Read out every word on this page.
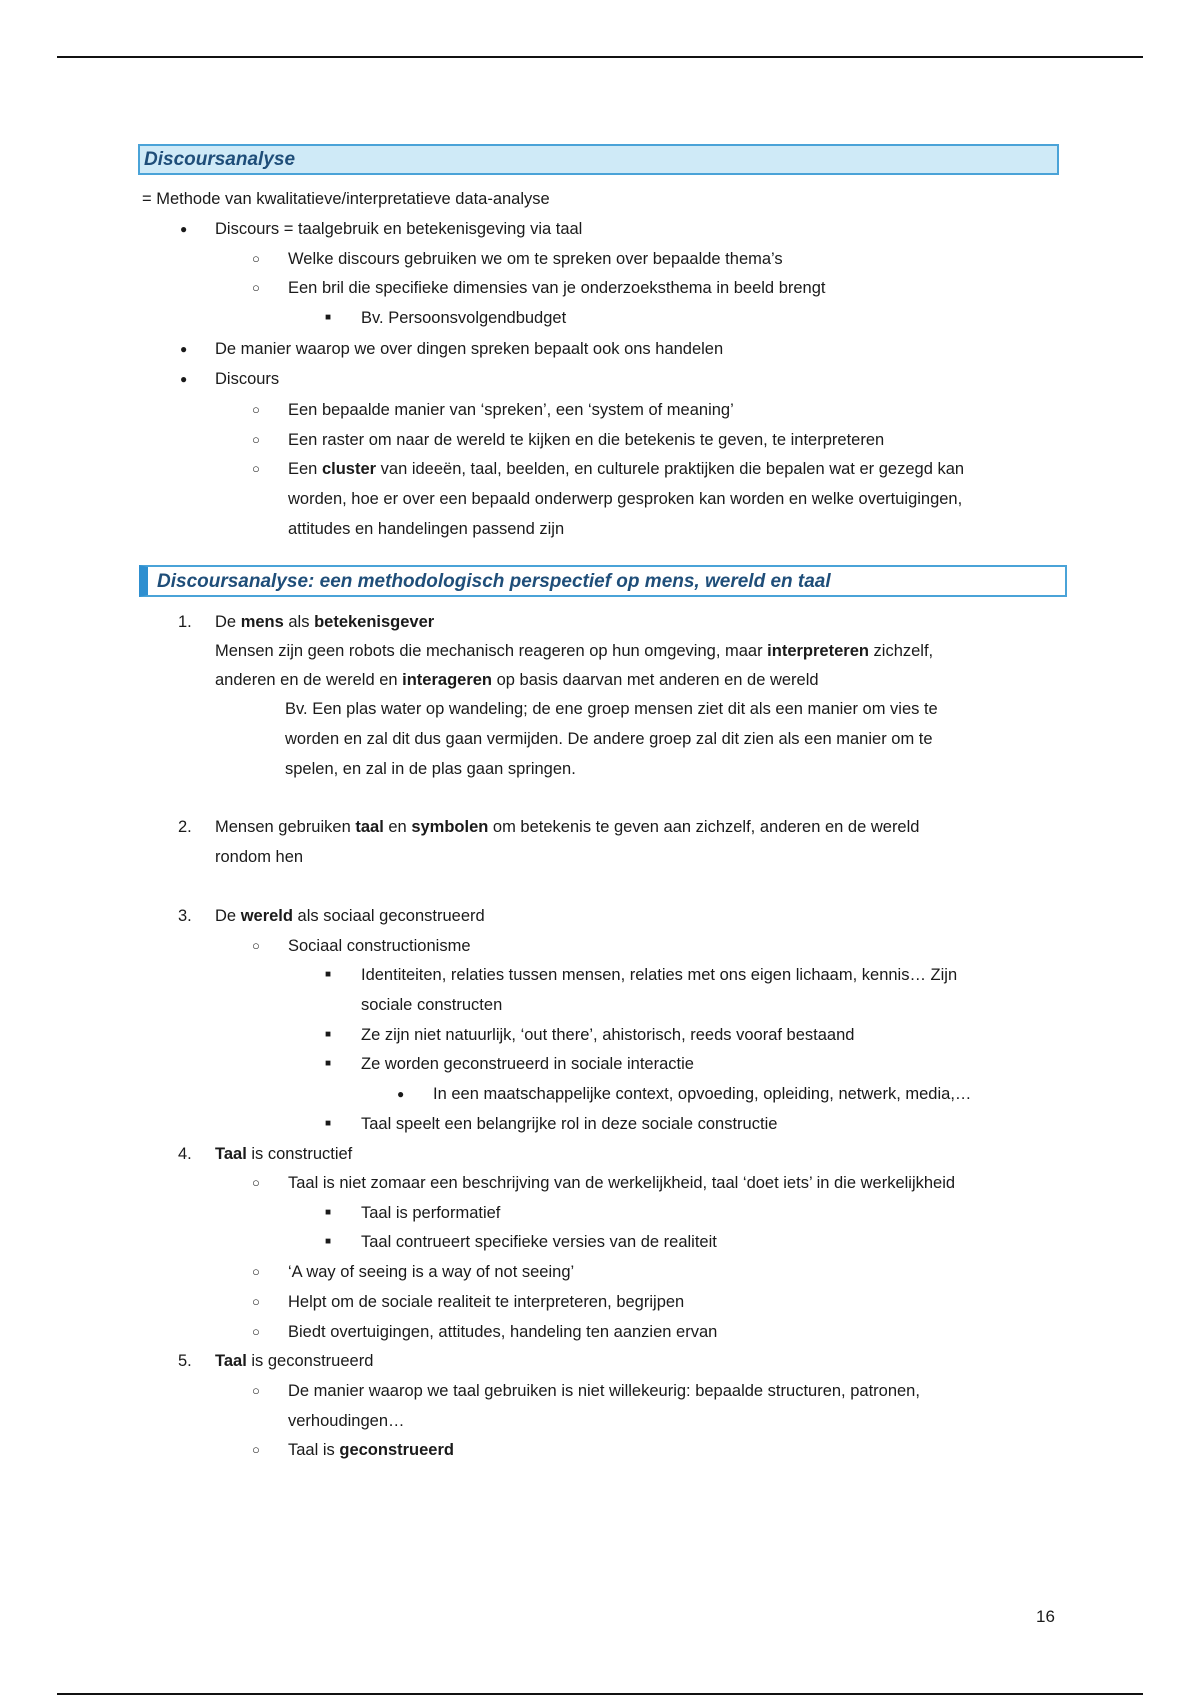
Discoursanalyse
= Methode van kwalitatieve/interpretatieve data-analyse
● Discours = taalgebruik en betekenisgeving via taal
○ Welke discours gebruiken we om te spreken over bepaalde thema’s
○ Een bril die specifieke dimensies van je onderzoeksthema in beeld brengt
■ Bv. Persoonsvolgendbudget
● De manier waarop we over dingen spreken bepaalt ook ons handelen
● Discours
○ Een bepaalde manier van ‘spreken’, een ‘system of meaning’
○ Een raster om naar de wereld te kijken en die betekenis te geven, te interpreteren
○ Een cluster van ideeën, taal, beelden, en culturele praktijken die bepalen wat er gezegd kan
worden, hoe er over een bepaald onderwerp gesproken kan worden en welke overtuigingen,
attitudes en handelingen passend zijn
Discoursanalyse: een methodologisch perspectief op mens, wereld en taal
1. De mens als betekenisgever
Mensen zijn geen robots die mechanisch reageren op hun omgeving, maar interpreteren zichzelf,
anderen en de wereld en interageren op basis daarvan met anderen en de wereld
Bv. Een plas water op wandeling; de ene groep mensen ziet dit als een manier om vies te
worden en zal dit dus gaan vermijden. De andere groep zal dit zien als een manier om te
spelen, en zal in de plas gaan springen.
2. Mensen gebruiken taal en symbolen om betekenis te geven aan zichzelf, anderen en de wereld
rondom hen
3. De wereld als sociaal geconstrueerd
○ Sociaal constructionisme
■ Identiteiten, relaties tussen mensen, relaties met ons eigen lichaam, kennis… Zijn
sociale constructen
■ Ze zijn niet natuurlijk, ‘out there’, ahistorisch, reeds vooraf bestaand
■ Ze worden geconstrueerd in sociale interactie
● In een maatschappelijke context, opvoeding, opleiding, netwerk, media,…
■ Taal speelt een belangrijke rol in deze sociale constructie
4. Taal is constructief
○ Taal is niet zomaar een beschrijving van de werkelijkheid, taal ‘doet iets’ in die werkelijkheid
■ Taal is performatief
■ Taal contrueert specifieke versies van de realiteit
○ ‘A way of seeing is a way of not seeing’
○ Helpt om de sociale realiteit te interpreteren, begrijpen
○ Biedt overtuigingen, attitudes, handeling ten aanzien ervan
5. Taal is geconstrueerd
○ De manier waarop we taal gebruiken is niet willekeurig: bepaalde structuren, patronen,
verhoudingen…
○ Taal is geconstrueerd
16
